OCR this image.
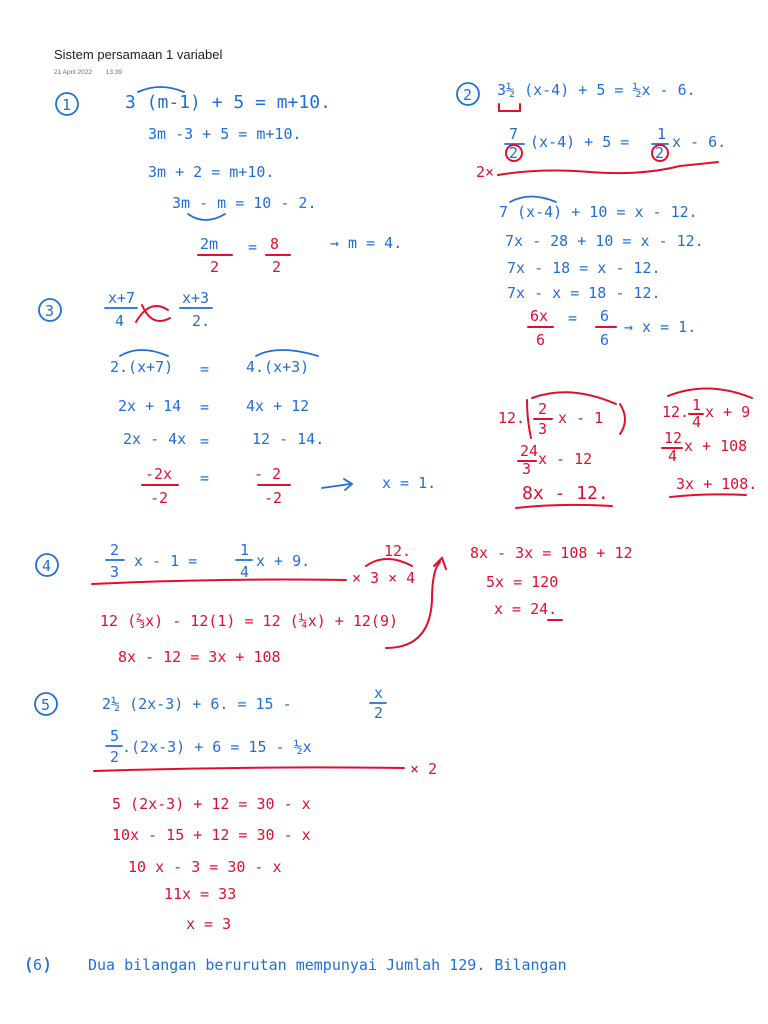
Sistem persamaan 1 variabel
21 April 2022 13:39
1	3 (m-1) + 5 = m+10.
3m -3 + 5 = m+10.
3m + 2 = m+10.
3m - m = 10 - 2.
2m
2
= 8
2
→ m = 4.
2 3½ (x-4) + 5 = ½x - 6.
7
2
(x-4) + 5 = 1
2
x - 6.
2×
7 (x-4) + 10 = x - 12.
7x - 28 + 10 = x - 12.
7x - 18 = x - 12.
7x - x = 18 - 12.
6x
6
= 6
6
→ x = 1.
3
x+7
4
x+3
2.
2.(x+7) = 4.(x+3)
2x + 14 = 4x + 12
2x - 4x =	12 - 14.
-2x
-2
=	- 2
-2
x = 1.
12. 2
3
x - 1
24
3
x - 12
8x - 12.
12. 1
4
x + 9
12
4
x + 108
3x + 108.
4
2
3
x - 1 =
1
4
x + 9.
12.
× 3 × 4
12 (⅔x) - 12(1) = 12 (¼x) + 12(9)
8x - 12 = 3x + 108
8x - 3x = 108 + 12
5x = 120
x = 24.
5	2½ (2x-3) + 6. = 15 -
x
2
5
2
.(2x-3) + 6 = 15 - ½x
× 2
5 (2x-3) + 12 = 30 - x
10x - 15 + 12 = 30 - x
10 x - 3 = 30 - x
11x = 33
x = 3
6	Dua bilangan berurutan mempunyai Jumlah 129. Bilangan
